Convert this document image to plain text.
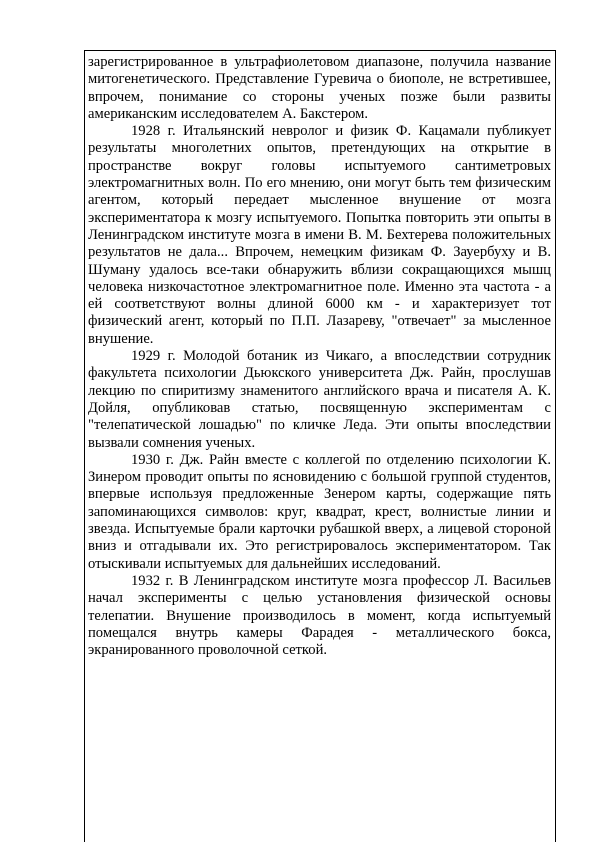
зарегистрированное в ультрафиолетовом диапазоне, получила название митогенетического. Представление Гуревича о биополе, не встретившее, впрочем, понимание со стороны ученых позже были развиты американским исследователем А. Бакстером.

1928 г. Итальянский невролог и физик Ф. Кацамали публикует результаты многолетних опытов, претендующих на открытие в пространстве вокруг головы испытуемого сантиметровых электромагнитных волн. По его мнению, они могут быть тем физическим агентом, который передает мысленное внушение от мозга экспериментатора к мозгу испытуемого. Попытка повторить эти опыты в Ленинградском институте мозга в имени В. М. Бехтерева положительных результатов не дала... Впрочем, немецким физикам Ф. Зауербуху и В. Шуману удалось все-таки обнаружить вблизи сокращающихся мышц человека низкочастотное электромагнитное поле. Именно эта частота - а ей соответствуют волны длиной 6000 км - и характеризует тот физический агент, который по П.П. Лазареву, "отвечает" за мысленное внушение.

1929 г. Молодой ботаник из Чикаго, а впоследствии сотрудник факультета психологии Дьюкского университета Дж. Райн, прослушав лекцию по спиритизму знаменитого английского врача и писателя А. К. Дойля, опубликовав статью, посвященную экспериментам с "телепатической лошадью" по кличке Леда. Эти опыты впоследствии вызвали сомнения ученых.

1930 г. Дж. Райн вместе с коллегой по отделению психологии К. Зинером проводит опыты по ясновидению с большой группой студентов, впервые используя предложенные Зенером карты, содержащие пять запоминающихся символов: круг, квадрат, крест, волнистые линии и звезда. Испытуемые брали карточки рубашкой вверх, а лицевой стороной вниз и отгадывали их. Это регистрировалось экспериментатором. Так отыскивали испытуемых для дальнейших исследований.

1932 г. В Ленинградском институте мозга профессор Л. Васильев начал эксперименты с целью установления физической основы телепатии. Внушение производилось в момент, когда испытуемый помещался внутрь камеры Фарадея - металлического бокса, экранированного проволочной сеткой.
